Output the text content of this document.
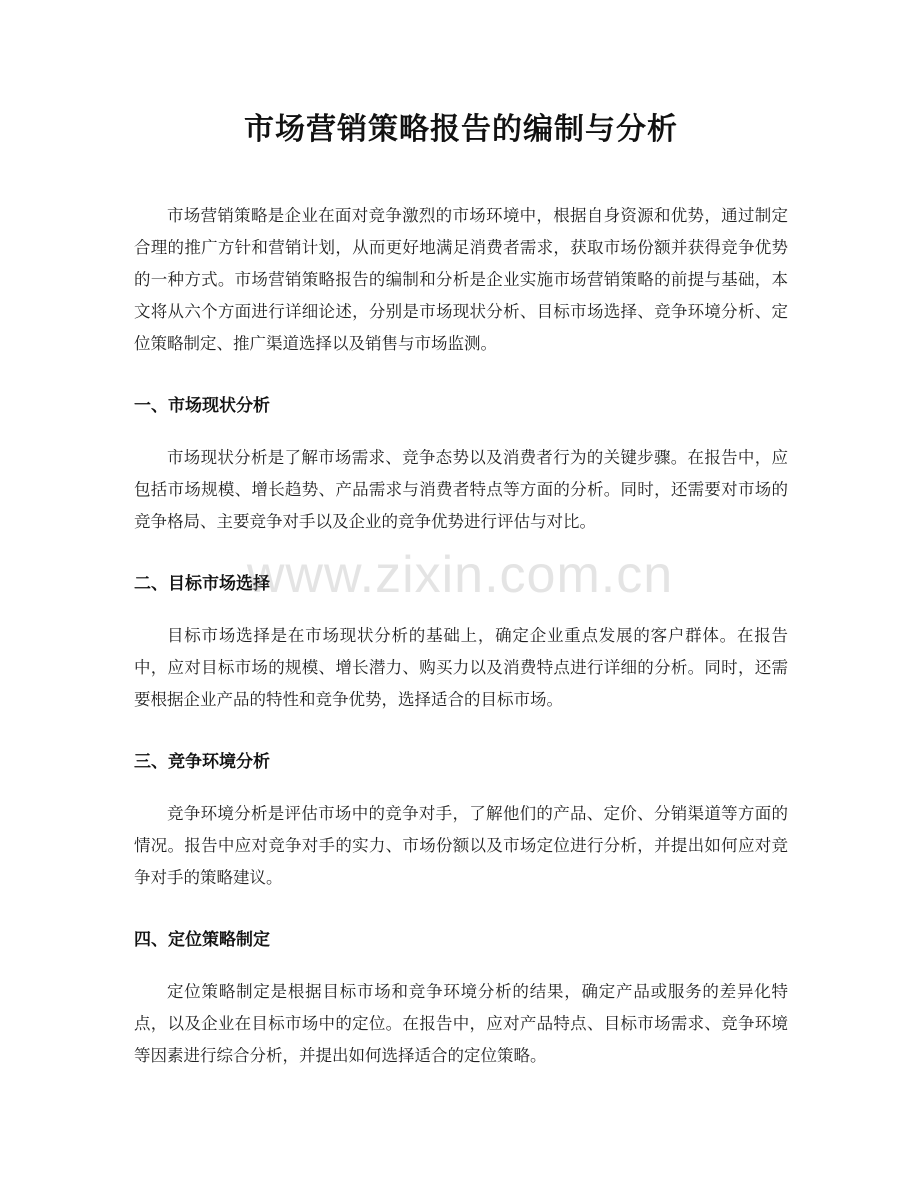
市场营销策略报告的编制与分析

市场营销策略是企业在面对竞争激烈的市场环境中，根据自身资源和优势，通过制定合理的推广方针和营销计划，从而更好地满足消费者需求，获取市场份额并获得竞争优势的一种方式。市场营销策略报告的编制和分析是企业实施市场营销策略的前提与基础，本文将从六个方面进行详细论述，分别是市场现状分析、目标市场选择、竞争环境分析、定位策略制定、推广渠道选择以及销售与市场监测。

一、市场现状分析

市场现状分析是了解市场需求、竞争态势以及消费者行为的关键步骤。在报告中，应包括市场规模、增长趋势、产品需求与消费者特点等方面的分析。同时，还需要对市场的竞争格局、主要竞争对手以及企业的竞争优势进行评估与对比。

二、目标市场选择

目标市场选择是在市场现状分析的基础上，确定企业重点发展的客户群体。在报告中，应对目标市场的规模、增长潜力、购买力以及消费特点进行详细的分析。同时，还需要根据企业产品的特性和竞争优势，选择适合的目标市场。

三、竞争环境分析

竞争环境分析是评估市场中的竞争对手，了解他们的产品、定价、分销渠道等方面的情况。报告中应对竞争对手的实力、市场份额以及市场定位进行分析，并提出如何应对竞争对手的策略建议。

四、定位策略制定

定位策略制定是根据目标市场和竞争环境分析的结果，确定产品或服务的差异化特点，以及企业在目标市场中的定位。在报告中，应对产品特点、目标市场需求、竞争环境等因素进行综合分析，并提出如何选择适合的定位策略。

www.zixin.com.cn
